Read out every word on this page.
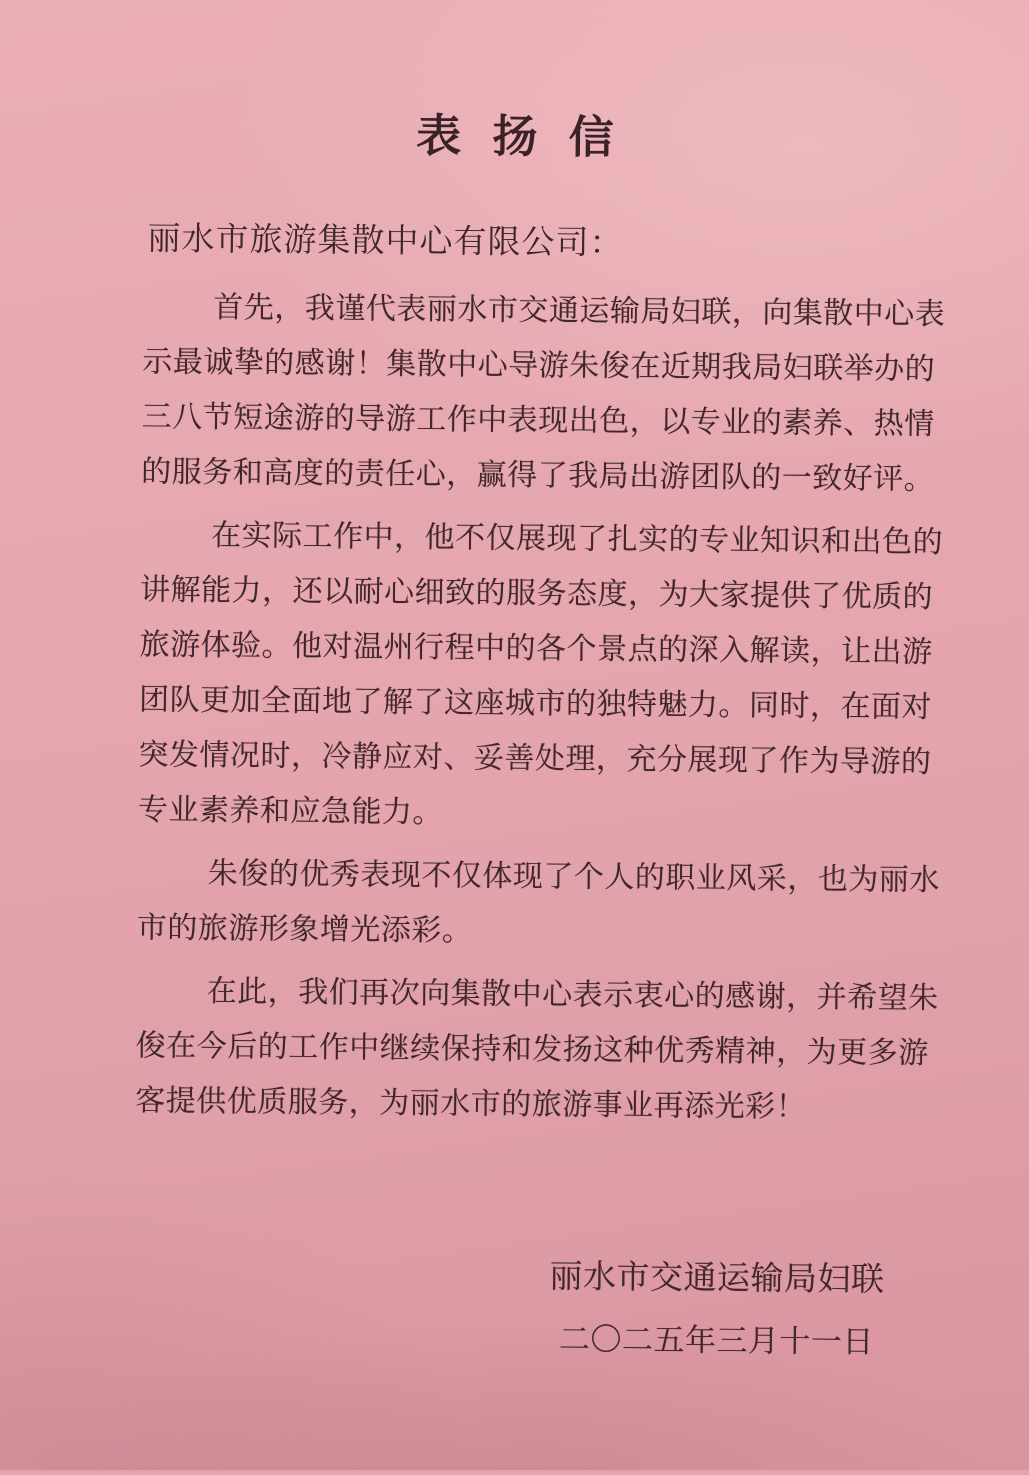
表 扬 信
丽水市旅游集散中心有限公司：
首先，我谨代表丽水市交通运输局妇联，向集散中心表
示最诚挚的感谢！集散中心导游朱俊在近期我局妇联举办的
三八节短途游的导游工作中表现出色，以专业的素养、热情
的服务和高度的责任心，赢得了我局出游团队的一致好评。
在实际工作中，他不仅展现了扎实的专业知识和出色的
讲解能力，还以耐心细致的服务态度，为大家提供了优质的
旅游体验。他对温州行程中的各个景点的深入解读，让出游
团队更加全面地了解了这座城市的独特魅力。同时，在面对
突发情况时，冷静应对、妥善处理，充分展现了作为导游的
专业素养和应急能力。
朱俊的优秀表现不仅体现了个人的职业风采，也为丽水
市的旅游形象增光添彩。
在此，我们再次向集散中心表示衷心的感谢，并希望朱
俊在今后的工作中继续保持和发扬这种优秀精神，为更多游
客提供优质服务，为丽水市的旅游事业再添光彩！
丽水市交通运输局妇联
二〇二五年三月十一日
